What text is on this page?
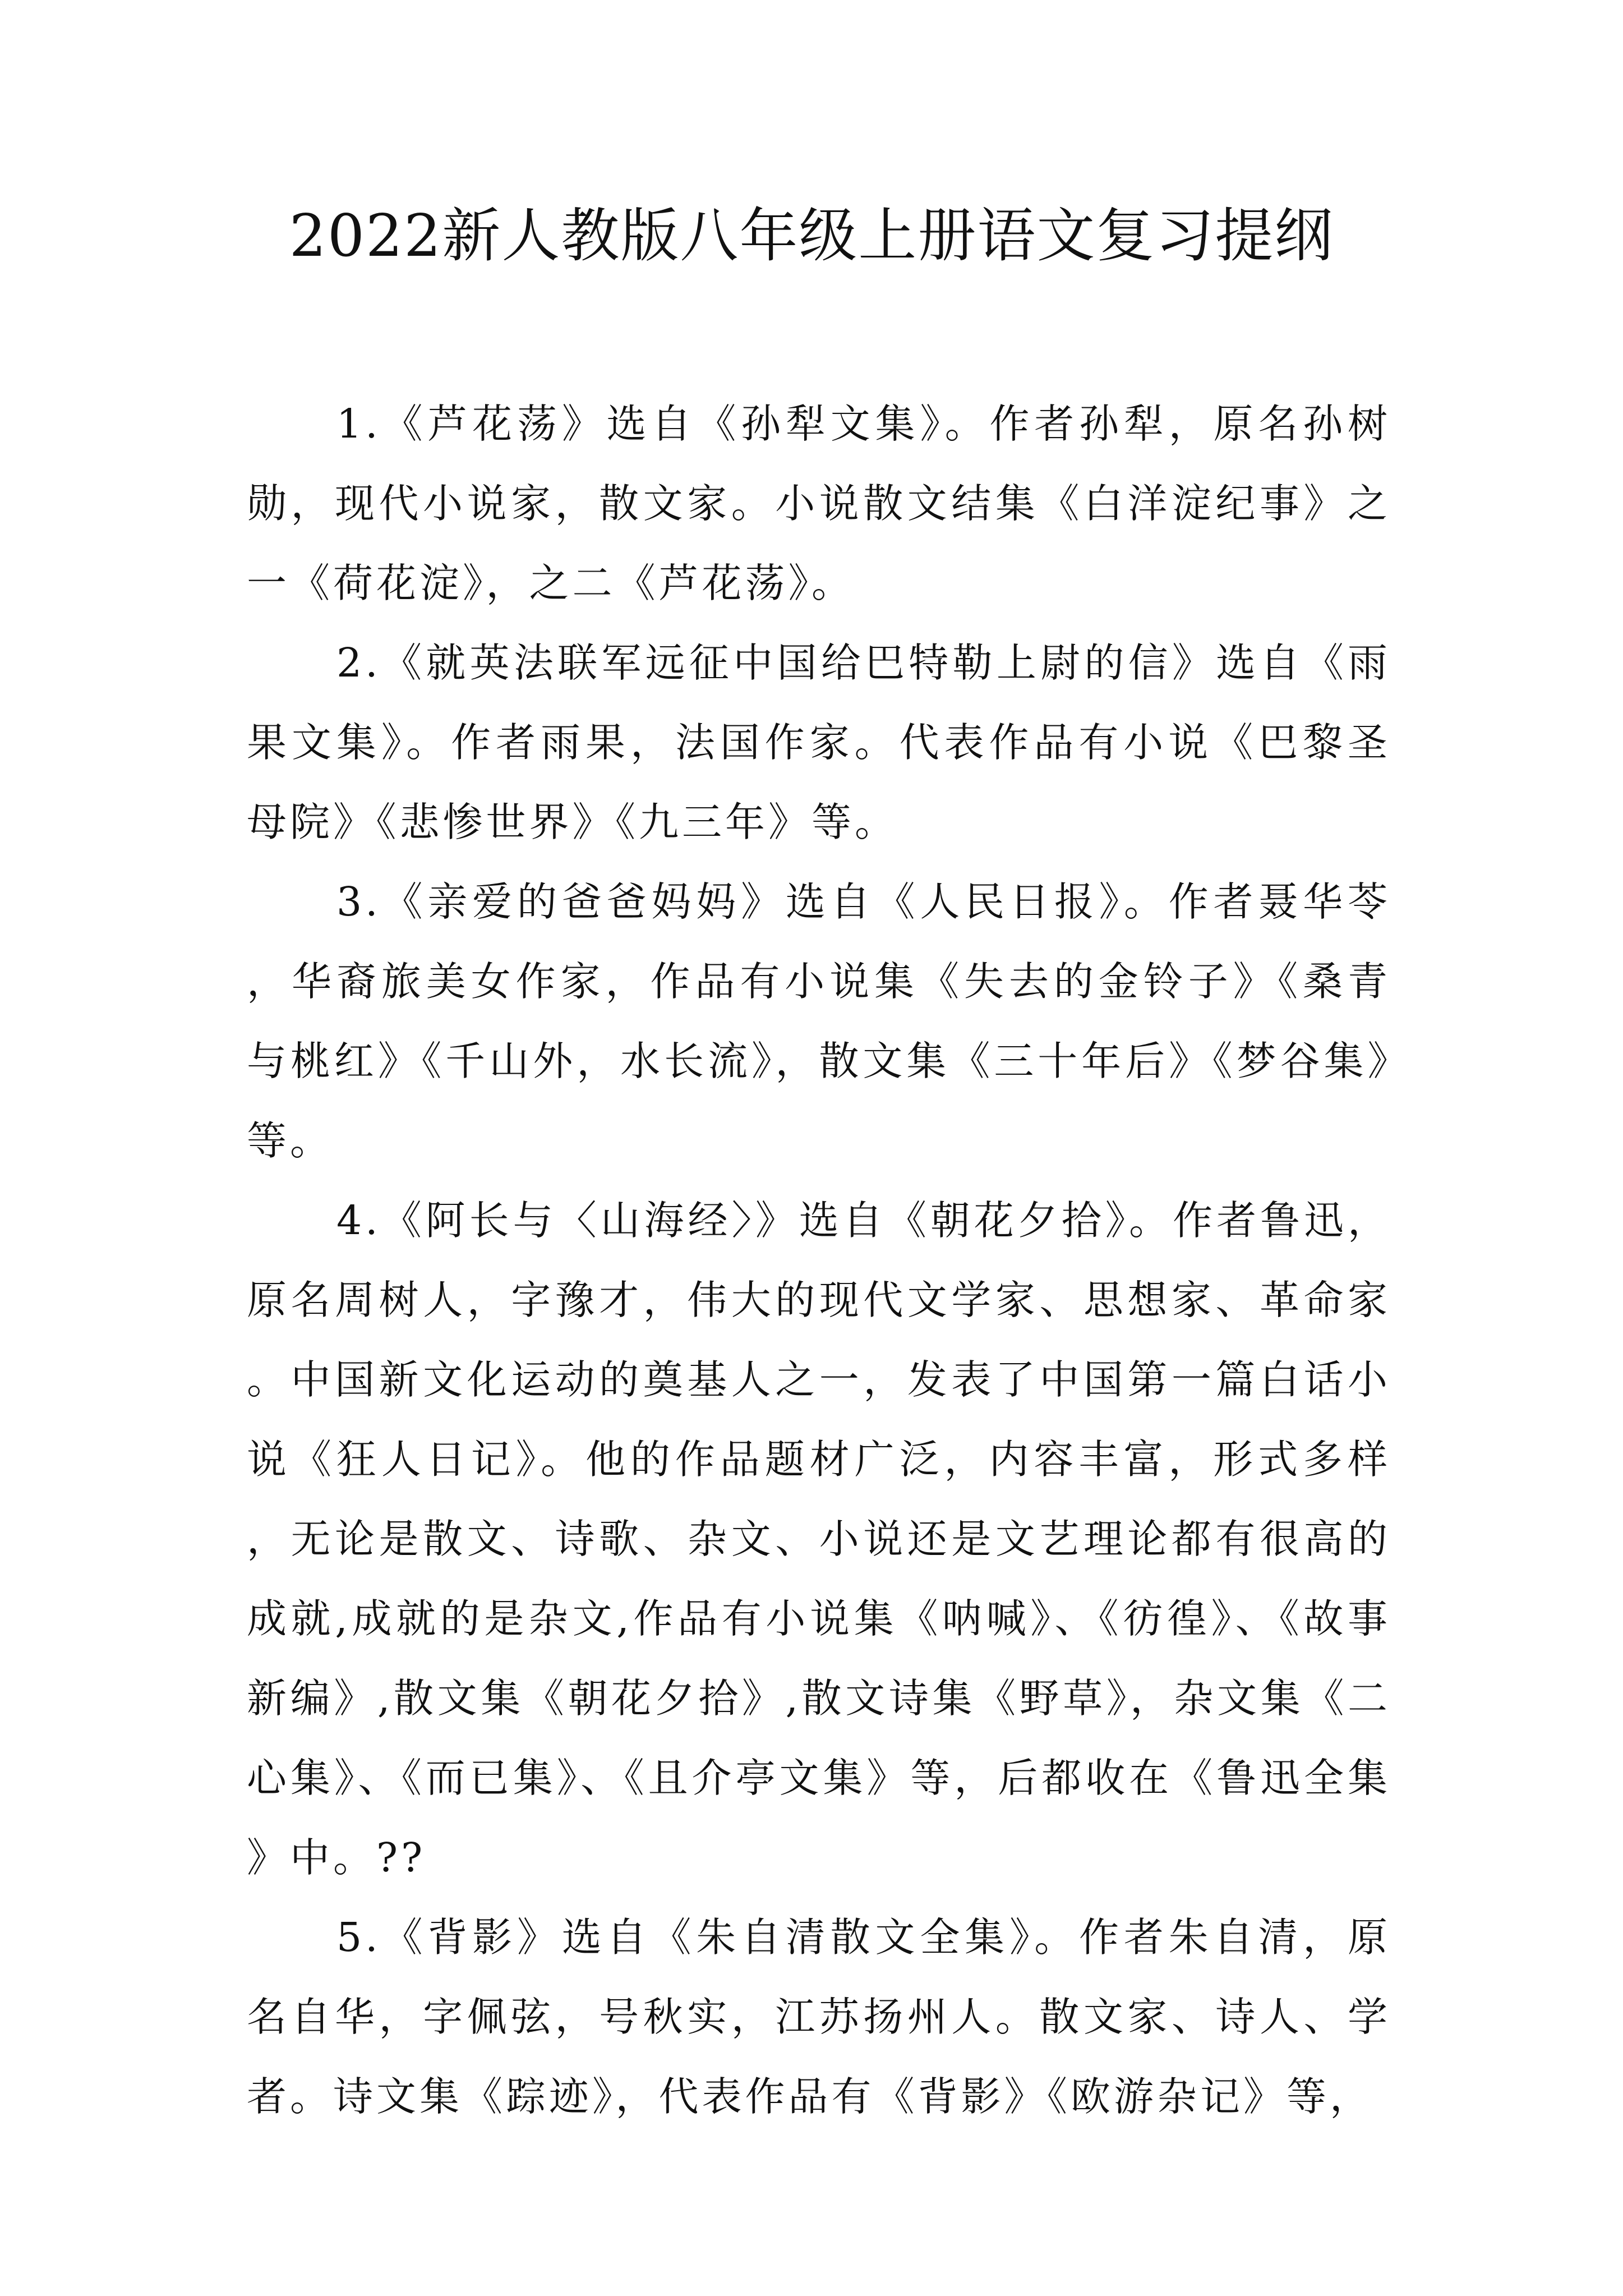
2022新人教版八年级上册语文复习提纲

1.《芦花荡》选自《孙犁文集》。作者孙犁，原名孙树勋，现代小说家，散文家。小说散文结集《白洋淀纪事》之一《荷花淀》，之二《芦花荡》。

2.《就英法联军远征中国给巴特勒上尉的信》选自《雨果文集》。作者雨果，法国作家。代表作品有小说《巴黎圣母院》《悲惨世界》《九三年》等。

3.《亲爱的爸爸妈妈》选自《人民日报》。作者聂华苓，华裔旅美女作家，作品有小说集《失去的金铃子》《桑青与桃红》《千山外，水长流》，散文集《三十年后》《梦谷集》等。

4.《阿长与〈山海经〉》选自《朝花夕拾》。作者鲁迅，原名周树人，字豫才，伟大的现代文学家、思想家、革命家。中国新文化运动的奠基人之一，发表了中国第一篇白话小说《狂人日记》。他的作品题材广泛，内容丰富，形式多样，无论是散文、诗歌、杂文、小说还是文艺理论都有很高的成就,成就的是杂文,作品有小说集《呐喊》、《彷徨》、《故事新编》,散文集《朝花夕拾》,散文诗集《野草》，杂文集《二心集》、《而已集》、《且介亭文集》等，后都收在《鲁迅全集》中。??

5.《背影》选自《朱自清散文全集》。作者朱自清，原名自华，字佩弦，号秋实，江苏扬州人。散文家、诗人、学者。诗文集《踪迹》，代表作品有《背影》《欧游杂记》等，
